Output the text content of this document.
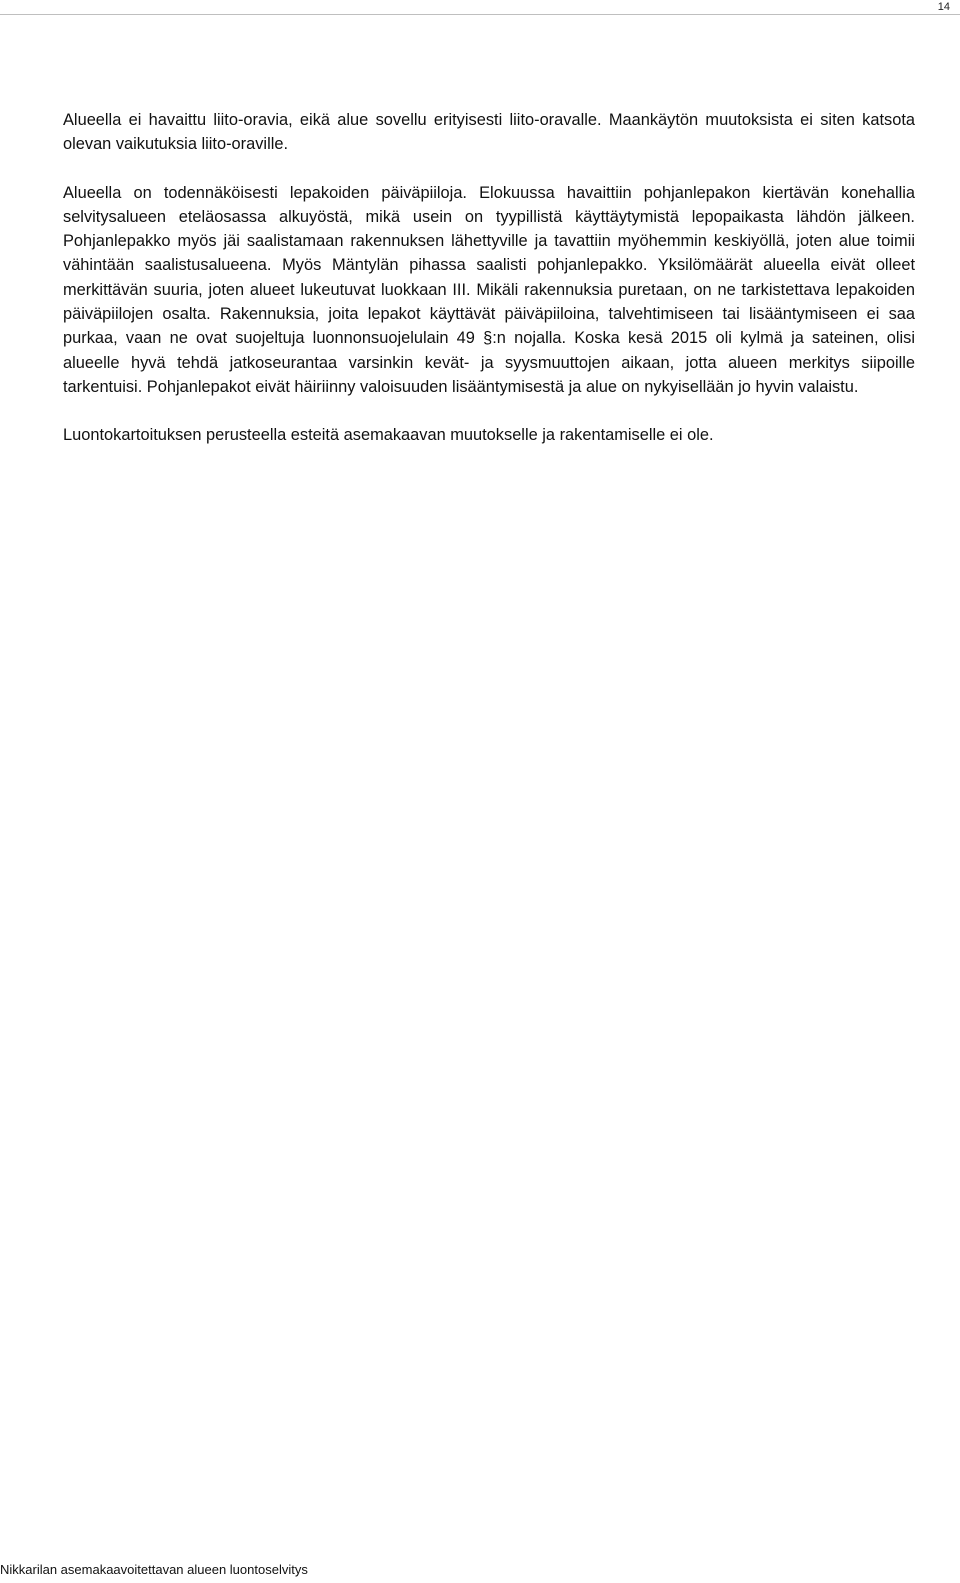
14

Alueella ei havaittu liito-oravia, eikä alue sovellu erityisesti liito-oravalle. Maankäytön muutoksista ei siten katsota olevan vaikutuksia liito-oraville.

Alueella on todennäköisesti lepakoiden päiväpiiloja. Elokuussa havaittiin pohjanlepakon kiertävän konehallia selvitysalueen eteläosassa alkuyöstä, mikä usein on tyypillistä käyttäytymistä lepopaikasta lähdön jälkeen. Pohjanlepakko myös jäi saalistamaan rakennuksen lähettyville ja tavattiin myöhemmin keskiyöllä, joten alue toimii vähintään saalistusalueena. Myös Mäntylän pihassa saalisti pohjanlepakko. Yksilömäärät alueella eivät olleet merkittävän suuria, joten alueet lukeutuvat luokkaan III. Mikäli rakennuksia puretaan, on ne tarkistettava lepakoiden päiväpiilojen osalta. Rakennuksia, joita lepakot käyttävät päiväpiiloina, talvehtimiseen tai lisääntymiseen ei saa purkaa, vaan ne ovat suojeltuja luonnonsuojelulain 49 §:n nojalla. Koska kesä 2015 oli kylmä ja sateinen, olisi alueelle hyvä tehdä jatkoseurantaa varsinkin kevät- ja syysmuuttojen aikaan, jotta alueen merkitys siipoille tarkentuisi. Pohjanlepakot eivät häiriinny valoisuuden lisääntymisestä ja alue on nykyisellään jo hyvin valaistu.

Luontokartoituksen perusteella esteitä asemakaavan muutokselle ja rakentamiselle ei ole.

Nikkarilan asemakaavoitettavan alueen luontoselvitys
